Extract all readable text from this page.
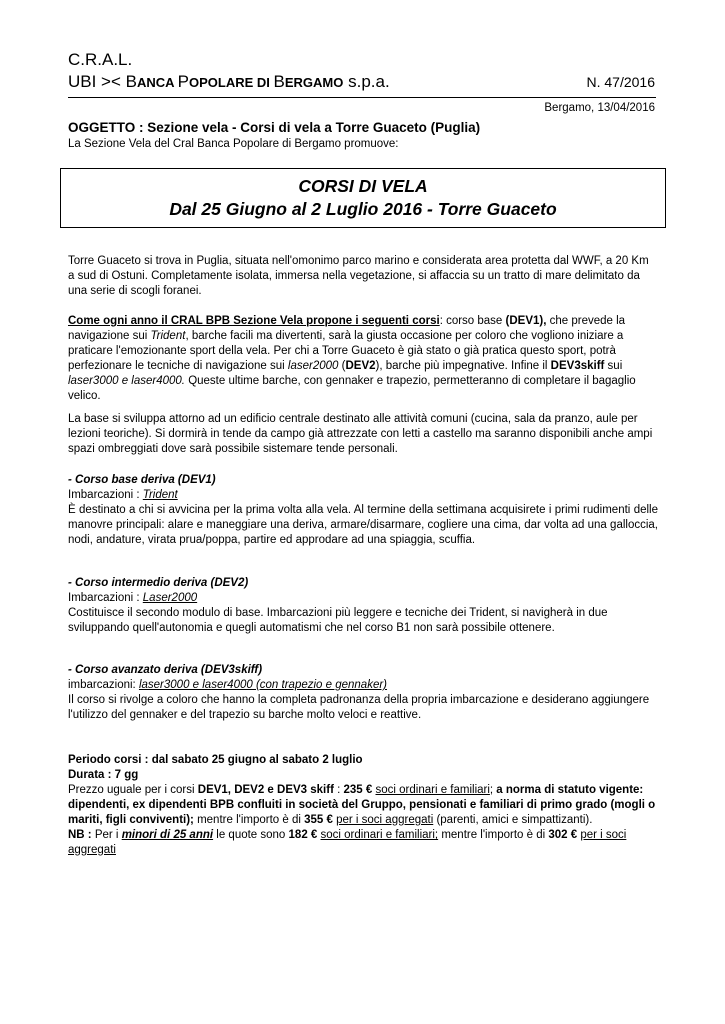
C.R.A.L.
UBI >< BANCA POPOLARE DI BERGAMO s.p.a.	N. 47/2016
Bergamo, 13/04/2016
OGGETTO : Sezione vela - Corsi di vela a Torre Guaceto (Puglia)
La Sezione Vela del Cral Banca Popolare di Bergamo promuove:
CORSI DI VELA
Dal 25 Giugno al 2 Luglio 2016 - Torre Guaceto
Torre Guaceto si trova in Puglia, situata nell'omonimo parco marino e considerata area protetta dal WWF, a 20 Km a sud di Ostuni. Completamente isolata, immersa nella vegetazione, si affaccia su un tratto di mare delimitato da una serie di scogli foranei.
Come ogni anno il CRAL BPB Sezione Vela propone i seguenti corsi: corso base (DEV1), che prevede la navigazione sui Trident, barche facili ma divertenti, sarà la giusta occasione per coloro che vogliono iniziare a praticare l'emozionante sport della vela. Per chi a Torre Guaceto è già stato o già pratica questo sport, potrà perfezionare le tecniche di navigazione sui laser2000 (DEV2), barche più impegnative. Infine il DEV3skiff sui laser3000 e laser4000. Queste ultime barche, con gennaker e trapezio, permetteranno di completare il bagaglio velico.
La base si sviluppa attorno ad un edificio centrale destinato alle attività comuni (cucina, sala da pranzo, aule per lezioni teoriche). Si dormirà in tende da campo già attrezzate con letti a castello ma saranno disponibili anche ampi spazi ombreggiati dove sarà possibile sistemare tende personali.

- Corso base deriva (DEV1)

Imbarcazioni : Trident

È destinato a chi si avvicina per la prima volta alla vela. Al termine della settimana acquisirete i primi rudimenti delle manovre principali: alare e maneggiare una deriva, armare/disarmare, cogliere una cima, dar volta ad una galloccia, nodi, andature, virata prua/poppa, partire ed approdare ad una spiaggia, scuffia.

- Corso intermedio deriva (DEV2)

Imbarcazioni : Laser2000

Costituisce il secondo modulo di base. Imbarcazioni più leggere e tecniche dei Trident, si navigherà in due sviluppando quell'autonomia e quegli automatismi che nel corso B1 non sarà possibile ottenere.

- Corso avanzato deriva (DEV3skiff)

imbarcazioni: laser3000 e laser4000 (con trapezio e gennaker)

Il corso si rivolge a coloro che hanno la completa padronanza della propria imbarcazione e desiderano aggiungere l'utilizzo del gennaker e del trapezio su barche molto veloci e reattive.

Periodo corsi : dal sabato 25 giugno al sabato 2 luglio

Durata : 7 gg

Prezzo uguale per i corsi DEV1, DEV2 e DEV3 skiff : 235 € soci ordinari e familiari; a norma di statuto vigente: dipendenti, ex dipendenti BPB confluiti in società del Gruppo, pensionati e familiari di primo grado (mogli o mariti, figli conviventi); mentre l'importo è di 355 € per i soci aggregati (parenti, amici e simpattizanti).

NB : Per i minori di 25 anni le quote sono 182 € soci ordinari e familiari; mentre l'importo è di 302 € per i soci aggregati
